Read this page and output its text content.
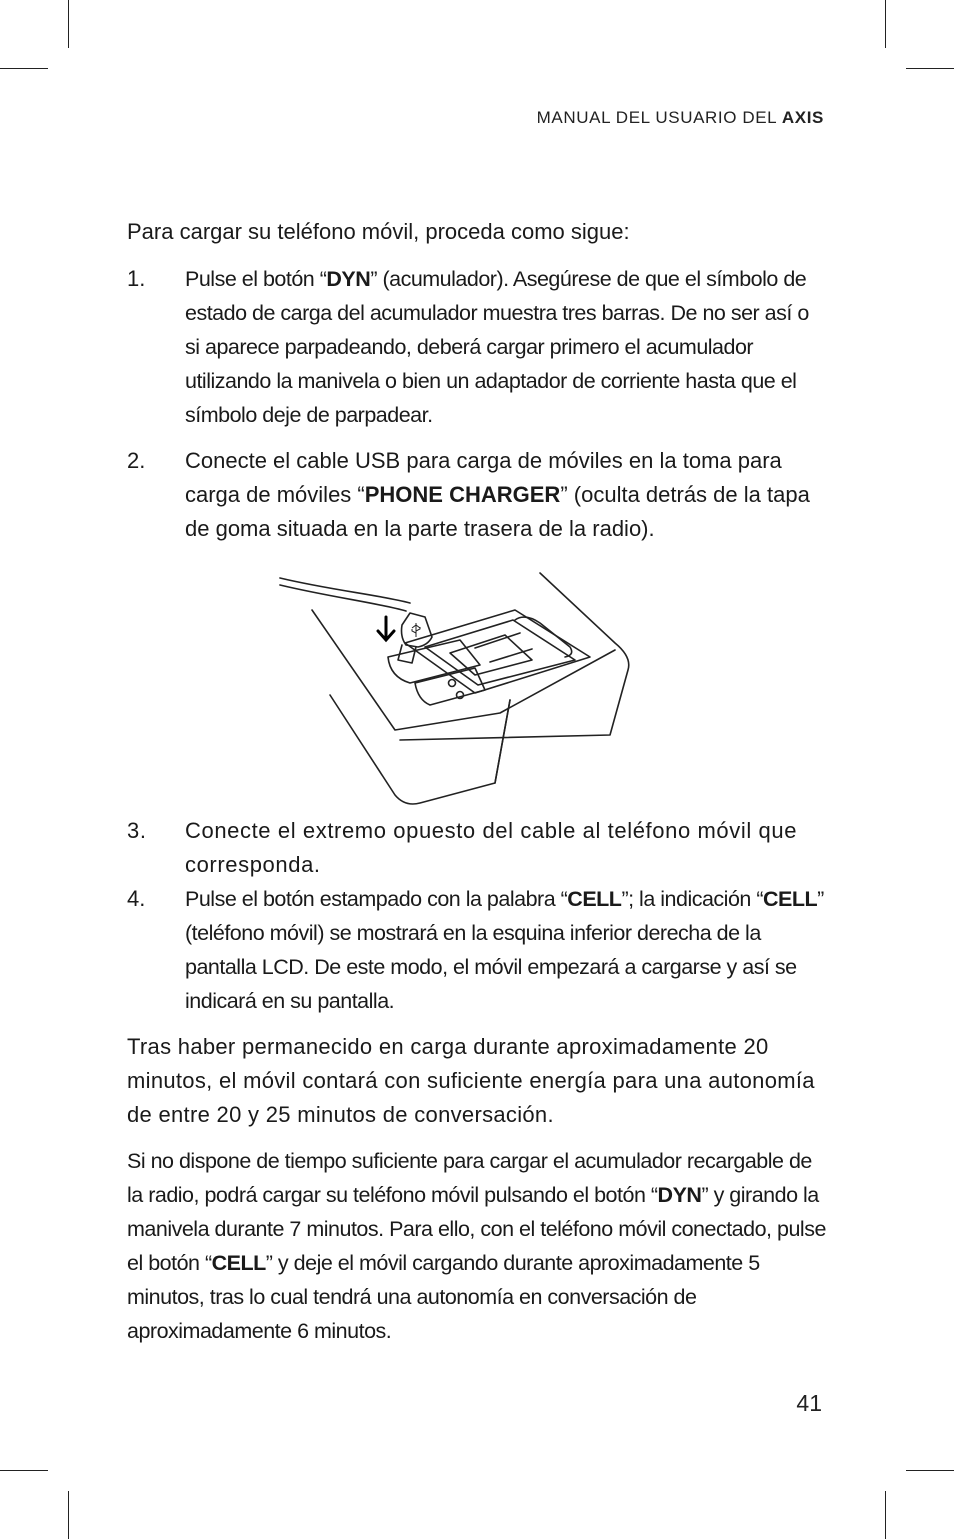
MANUAL DEL USUARIO DEL AXIS

Para cargar su teléfono móvil, proceda como sigue:

1.	Pulse el botón “DYN” (acumulador). Asegúrese de que el símbolo de estado de carga del acumulador muestra tres barras. De no ser así o si aparece parpadeando, deberá cargar primero el acumulador utilizando la manivela o bien un adaptador de corriente hasta que el símbolo deje de parpadear.
2.	Conecte el cable USB para carga de móviles en la toma para carga de móviles “PHONE CHARGER” (oculta detrás de la tapa de goma situada en la parte trasera de la radio).
3.	Conecte el extremo opuesto del cable al teléfono móvil que corresponda.
4.	Pulse el botón estampado con la palabra “CELL”; la indicación “CELL” (teléfono móvil) se mostrará en la esquina inferior derecha de la pantalla LCD. De este modo, el móvil empezará a cargarse y así se indicará en su pantalla.

Tras haber permanecido en carga durante aproximadamente 20 minutos, el móvil contará con suficiente energía para una autonomía de entre 20 y 25 minutos de conversación.

Si no dispone de tiempo suficiente para cargar el acumulador recargable de la radio, podrá cargar su teléfono móvil pulsando el botón “DYN” y girando la manivela durante 7 minutos. Para ello, con el teléfono móvil conectado, pulse el botón “CELL” y deje el móvil cargando durante aproximadamente 5 minutos, tras lo cual tendrá una autonomía en conversación de aproximadamente 6 minutos.

41
